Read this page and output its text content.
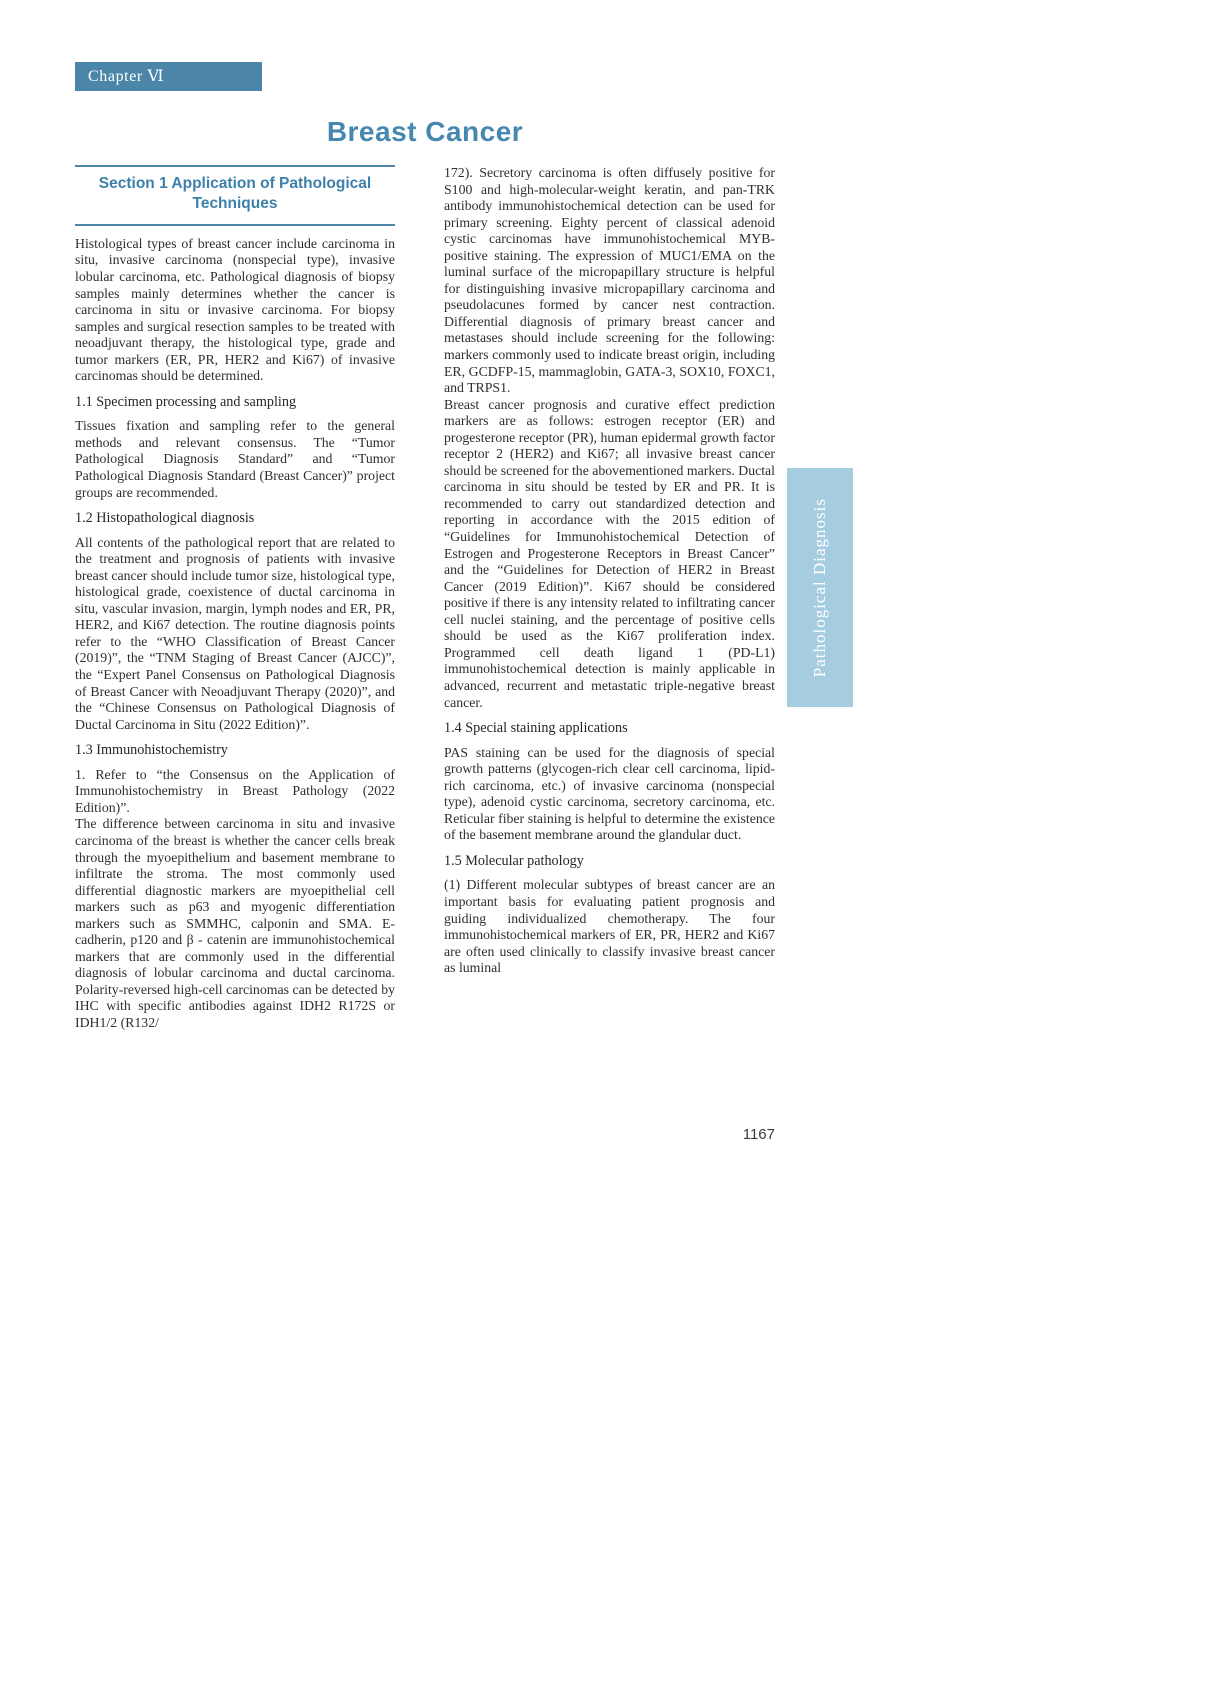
Chapter Ⅵ
Breast Cancer
Section 1 Application of Pathological Techniques

Histological types of breast cancer include carcinoma in situ, invasive carcinoma (nonspecial type), invasive lobular carcinoma, etc. Pathological diagnosis of biopsy samples mainly determines whether the cancer is carcinoma in situ or invasive carcinoma. For biopsy samples and surgical resection samples to be treated with neoadjuvant therapy, the histological type, grade and tumor markers (ER, PR, HER2 and Ki67) of invasive carcinomas should be determined.

1.1 Specimen processing and sampling

Tissues fixation and sampling refer to the general methods and relevant consensus. The “Tumor Pathological Diagnosis Standard” and “Tumor Pathological Diagnosis Standard (Breast Cancer)” project groups are recommended.

1.2 Histopathological diagnosis

All contents of the pathological report that are related to the treatment and prognosis of patients with invasive breast cancer should include tumor size, histological type, histological grade, coexistence of ductal carcinoma in situ, vascular invasion, margin, lymph nodes and ER, PR, HER2, and Ki67 detection. The routine diagnosis points refer to the “WHO Classification of Breast Cancer (2019)”, the “TNM Staging of Breast Cancer (AJCC)”, the “Expert Panel Consensus on Pathological Diagnosis of Breast Cancer with Neoadjuvant Therapy (2020)”, and the “Chinese Consensus on Pathological Diagnosis of Ductal Carcinoma in Situ (2022 Edition)”.

1.3 Immunohistochemistry

1. Refer to “the Consensus on the Application of Immunohistochemistry in Breast Pathology (2022 Edition)”.

The difference between carcinoma in situ and invasive carcinoma of the breast is whether the cancer cells break through the myoepithelium and basement membrane to infiltrate the stroma. The most commonly used differential diagnostic markers are myoepithelial cell markers such as p63 and myogenic differentiation markers such as SMMHC, calponin and SMA. E-cadherin, p120 and β - catenin are immunohistochemical markers that are commonly used in the differential diagnosis of lobular carcinoma and ductal carcinoma. Polarity-reversed high-cell carcinomas can be detected by IHC with specific antibodies against IDH2 R172S or IDH1/2 (R132/

172). Secretory carcinoma is often diffusely positive for S100 and high-molecular-weight keratin, and pan-TRK antibody immunohistochemical detection can be used for primary screening. Eighty percent of classical adenoid cystic carcinomas have immunohistochemical MYB-positive staining. The expression of MUC1/EMA on the luminal surface of the micropapillary structure is helpful for distinguishing invasive micropapillary carcinoma and pseudolacunes formed by cancer nest contraction. Differential diagnosis of primary breast cancer and metastases should include screening for the following: markers commonly used to indicate breast origin, including ER, GCDFP-15, mammaglobin, GATA-3, SOX10, FOXC1, and TRPS1.

Breast cancer prognosis and curative effect prediction markers are as follows: estrogen receptor (ER) and progesterone receptor (PR), human epidermal growth factor receptor 2 (HER2) and Ki67; all invasive breast cancer should be screened for the abovementioned markers. Ductal carcinoma in situ should be tested by ER and PR. It is recommended to carry out standardized detection and reporting in accordance with the 2015 edition of “Guidelines for Immunohistochemical Detection of Estrogen and Progesterone Receptors in Breast Cancer” and the “Guidelines for Detection of HER2 in Breast Cancer (2019 Edition)”. Ki67 should be considered positive if there is any intensity related to infiltrating cancer cell nuclei staining, and the percentage of positive cells should be used as the Ki67 proliferation index. Programmed cell death ligand 1 (PD-L1) immunohistochemical detection is mainly applicable in advanced, recurrent and metastatic triple-negative breast cancer.

1.4 Special staining applications

PAS staining can be used for the diagnosis of special growth patterns (glycogen-rich clear cell carcinoma, lipid-rich carcinoma, etc.) of invasive carcinoma (nonspecial type), adenoid cystic carcinoma, secretory carcinoma, etc. Reticular fiber staining is helpful to determine the existence of the basement membrane around the glandular duct.

1.5 Molecular pathology

(1) Different molecular subtypes of breast cancer are an important basis for evaluating patient prognosis and guiding individualized chemotherapy. The four immunohistochemical markers of ER, PR, HER2 and Ki67 are often used clinically to classify invasive breast cancer as luminal

Pathological Diagnosis
1167
